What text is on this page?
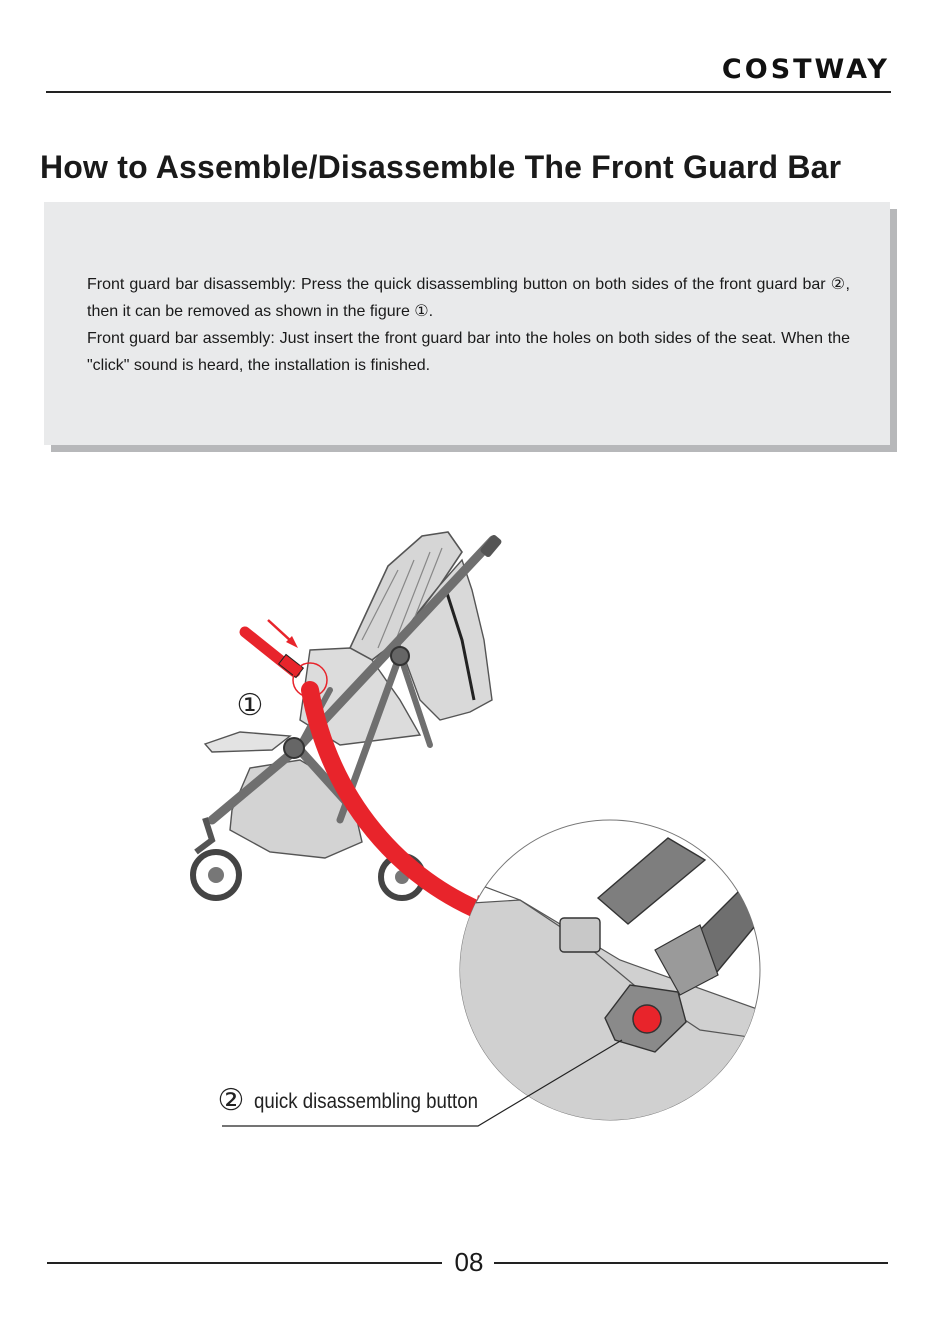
COSTWAY
How to Assemble/Disassemble The Front Guard Bar

Front guard bar disassembly: Press the quick disassembling button on both sides of the front guard bar ②, then it can be removed as shown in the figure ①.

Front guard bar assembly: Just insert the front guard bar into the holes on both sides of the seat. When the "click" sound is heard, the installation is finished.

①
② quick disassembling button
08
